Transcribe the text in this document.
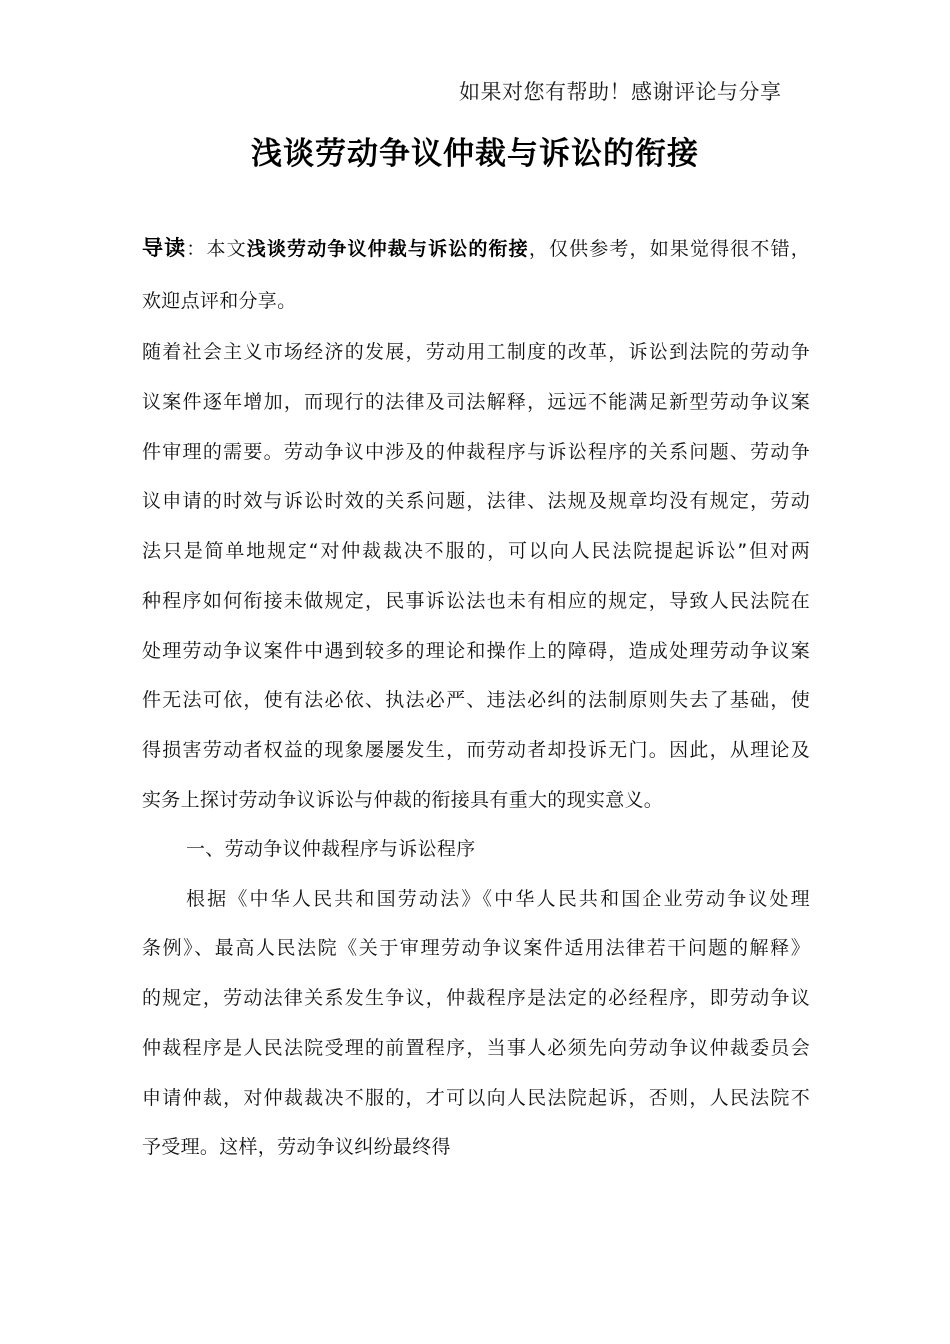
如果对您有帮助！感谢评论与分享
浅谈劳动争议仲裁与诉讼的衔接
导读：本文浅谈劳动争议仲裁与诉讼的衔接，仅供参考，如果觉得很不错，
欢迎点评和分享。
随着社会主义市场经济的发展，劳动用工制度的改革，诉讼到法院的劳动争
议案件逐年增加，而现行的法律及司法解释，远远不能满足新型劳动争议案
件审理的需要。劳动争议中涉及的仲裁程序与诉讼程序的关系问题、劳动争
议申请的时效与诉讼时效的关系问题，法律、法规及规章均没有规定，劳动
法只是简单地规定“对仲裁裁决不服的，可以向人民法院提起诉讼”但对两
种程序如何衔接未做规定，民事诉讼法也未有相应的规定，导致人民法院在
处理劳动争议案件中遇到较多的理论和操作上的障碍，造成处理劳动争议案
件无法可依，使有法必依、执法必严、违法必纠的法制原则失去了基础，使
得损害劳动者权益的现象屡屡发生，而劳动者却投诉无门。因此，从理论及
实务上探讨劳动争议诉讼与仲裁的衔接具有重大的现实意义。
一、劳动争议仲裁程序与诉讼程序
根据《中华人民共和国劳动法》《中华人民共和国企业劳动争议处理
条例》、最高人民法院《关于审理劳动争议案件适用法律若干问题的解释》
的规定，劳动法律关系发生争议，仲裁程序是法定的必经程序，即劳动争议
仲裁程序是人民法院受理的前置程序，当事人必须先向劳动争议仲裁委员会
申请仲裁，对仲裁裁决不服的，才可以向人民法院起诉，否则，人民法院不
予受理。这样，劳动争议纠纷最终得
